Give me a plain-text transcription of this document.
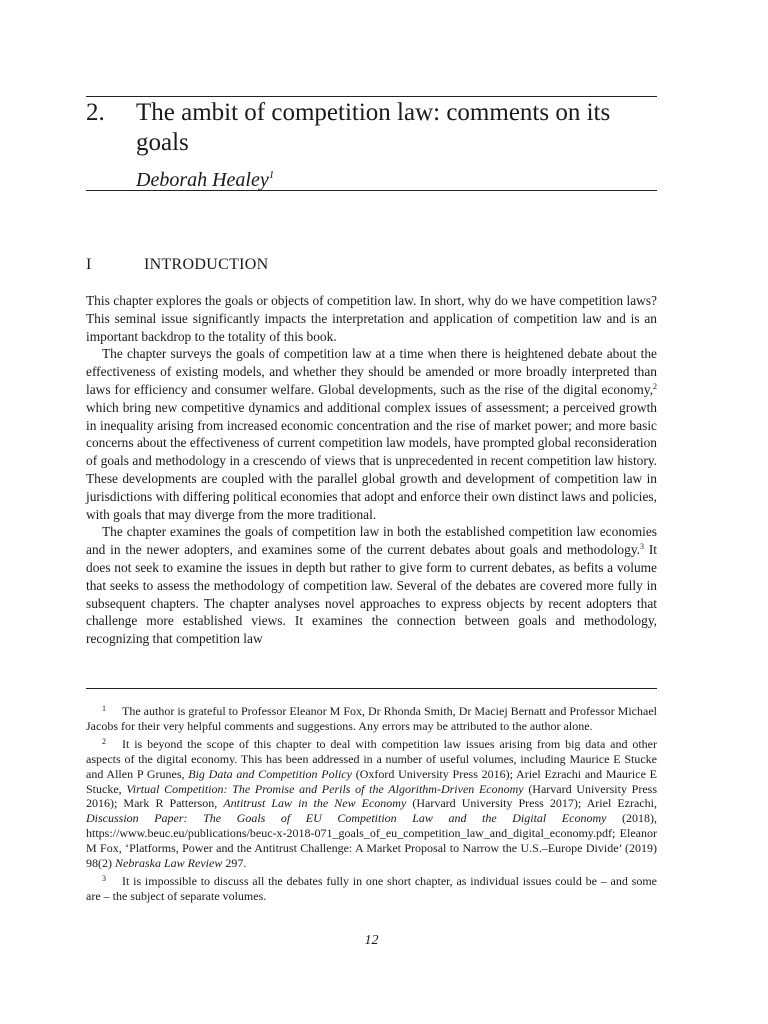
2. The ambit of competition law: comments on its goals
Deborah Healey$^1$
I	INTRODUCTION

This chapter explores the goals or objects of competition law. In short, why do we have competition laws? This seminal issue significantly impacts the interpretation and application of competition law and is an important backdrop to the totality of this book.

The chapter surveys the goals of competition law at a time when there is heightened debate about the effectiveness of existing models, and whether they should be amended or more broadly interpreted than laws for efficiency and consumer welfare. Global developments, such as the rise of the digital economy,$^2$ which bring new competitive dynamics and additional complex issues of assessment; a perceived growth in inequality arising from increased economic concentration and the rise of market power; and more basic concerns about the effectiveness of current competition law models, have prompted global reconsideration of goals and methodology in a crescendo of views that is unprecedented in recent competition law history. These developments are coupled with the parallel global growth and development of competition law in jurisdictions with differing political economies that adopt and enforce their own distinct laws and policies, with goals that may diverge from the more traditional.

The chapter examines the goals of competition law in both the established competition law economies and in the newer adopters, and examines some of the current debates about goals and methodology.$^3$ It does not seek to examine the issues in depth but rather to give form to current debates, as befits a volume that seeks to assess the methodology of competition law. Several of the debates are covered more fully in subsequent chapters. The chapter analyses novel approaches to express objects by recent adopters that challenge more established views. It examines the connection between goals and methodology, recognizing that competition law

1 The author is grateful to Professor Eleanor M Fox, Dr Rhonda Smith, Dr Maciej Bernatt and Professor Michael Jacobs for their very helpful comments and suggestions. Any errors may be attributed to the author alone.

2 It is beyond the scope of this chapter to deal with competition law issues arising from big data and other aspects of the digital economy. This has been addressed in a number of useful volumes, including Maurice E Stucke and Allen P Grunes, Big Data and Competition Policy (Oxford University Press 2016); Ariel Ezrachi and Maurice E Stucke, Virtual Competition: The Promise and Perils of the Algorithm-Driven Economy (Harvard University Press 2016); Mark R Patterson, Antitrust Law in the New Economy (Harvard University Press 2017); Ariel Ezrachi, Discussion Paper: The Goals of EU Competition Law and the Digital Economy (2018), https://www.beuc.eu/publications/beuc-x-2018-071_goals_of_eu_competition_law_and_digital_economy.pdf; Eleanor M Fox, ‘Platforms, Power and the Antitrust Challenge: A Market Proposal to Narrow the U.S.–Europe Divide’ (2019) 98(2) Nebraska Law Review 297.

3 It is impossible to discuss all the debates fully in one short chapter, as individual issues could be – and some are – the subject of separate volumes.

12
